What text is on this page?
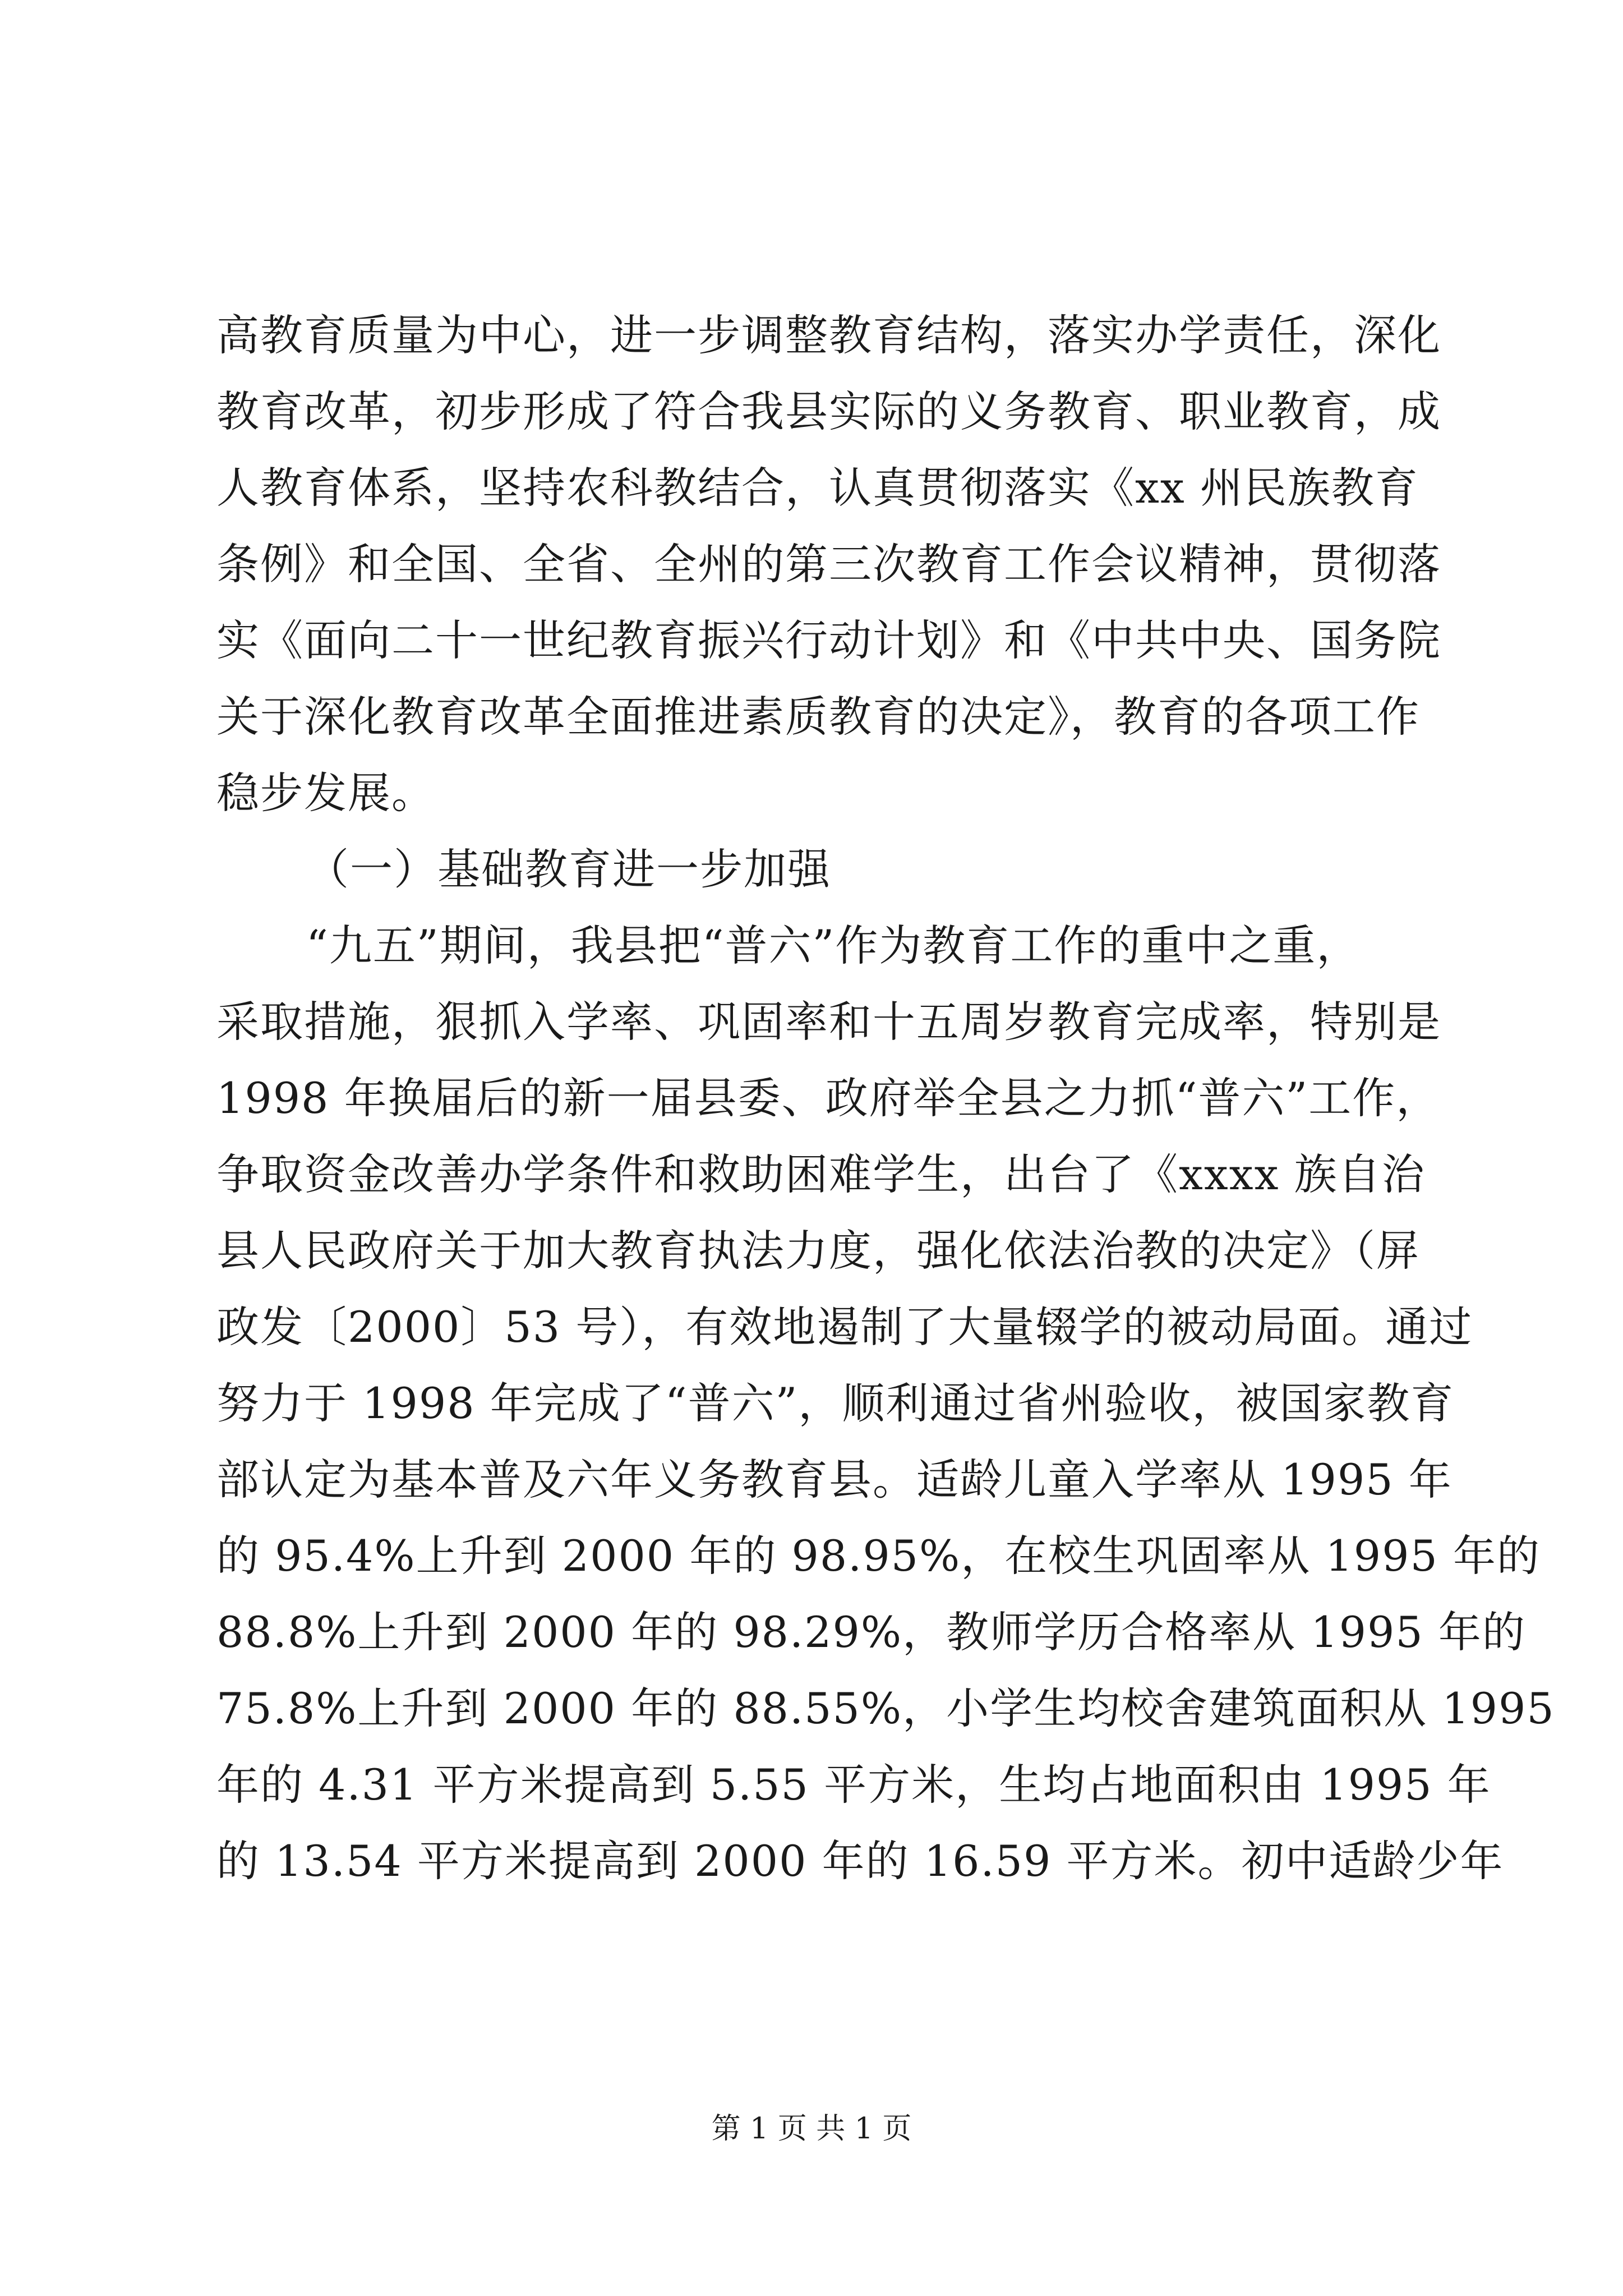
高教育质量为中心，进一步调整教育结构，落实办学责任，深化
教育改革，初步形成了符合我县实际的义务教育、职业教育，成
人教育体系，坚持农科教结合，认真贯彻落实《xx 州民族教育
条例》和全国、全省、全州的第三次教育工作会议精神，贯彻落
实《面向二十一世纪教育振兴行动计划》和《中共中央、国务院
关于深化教育改革全面推进素质教育的决定》，教育的各项工作
稳步发展。
（一）基础教育进一步加强
“九五”期间，我县把“普六”作为教育工作的重中之重，
采取措施，狠抓入学率、巩固率和十五周岁教育完成率，特别是
1998 年换届后的新一届县委、政府举全县之力抓“普六”工作，
争取资金改善办学条件和救助困难学生，出台了《xxxx 族自治
县人民政府关于加大教育执法力度，强化依法治教的决定》（屏
政发〔2000〕53 号），有效地遏制了大量辍学的被动局面。通过
努力于 1998 年完成了“普六”，顺利通过省州验收，被国家教育
部认定为基本普及六年义务教育县。适龄儿童入学率从 1995 年
的 95.4%上升到 2000 年的 98.95%，在校生巩固率从 1995 年的
88.8%上升到 2000 年的 98.29%，教师学历合格率从 1995 年的
75.8%上升到 2000 年的 88.55%，小学生均校舍建筑面积从 1995
年的 4.31 平方米提高到 5.55 平方米，生均占地面积由 1995 年
的 13.54 平方米提高到 2000 年的 16.59 平方米。初中适龄少年
第 1 页 共 1 页
